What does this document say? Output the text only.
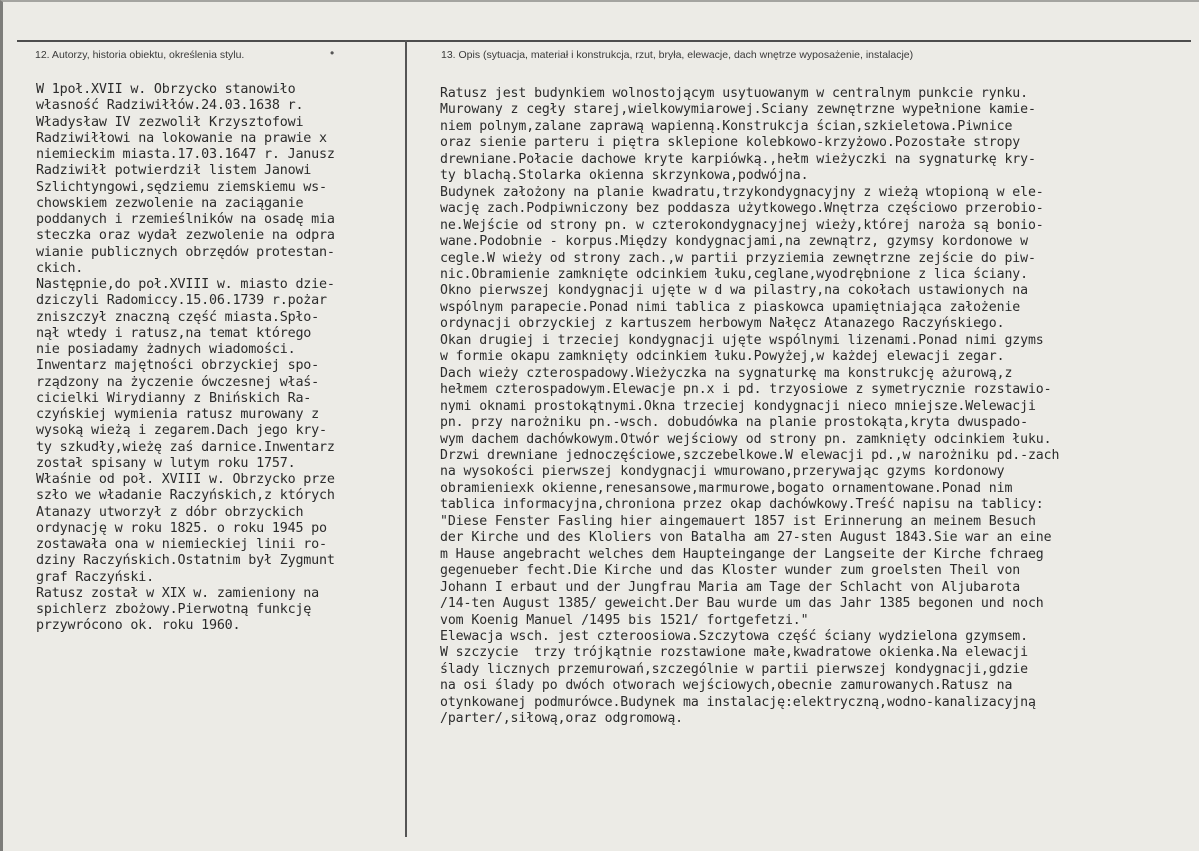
12. Autorzy, historia obiektu, określenia stylu.	•	13. Opis (sytuacja, materiał i konstrukcja, rzut, bryła, elewacje, dach wnętrze wyposażenie, instalacje)
W 1poł.XVII w. Obrzycko stanowiło
własność Radziwiłłów.24.03.1638 r.
Władysław IV zezwolił Krzysztofowi
Radziwiłłowi na lokowanie na prawie x
niemieckim miasta.17.03.1647 r. Janusz
Radziwiłł potwierdził listem Janowi
Szlichtyngowi,sędziemu ziemskiemu ws-
chowskiem zezwolenie na zaciąganie
poddanych i rzemieślników na osadę mia
steczka oraz wydał zezwolenie na odpra
wianie publicznych obrzędów protestan-
ckich.
Następnie,do poł.XVIII w. miasto dzie-
dziczyli Radomiccy.15.06.1739 r.pożar
zniszczył znaczną część miasta.Spło-
nął wtedy i ratusz,na temat którego
nie posiadamy żadnych wiadomości.
Inwentarz majętności obrzyckiej spo-
rządzony na życzenie ówczesnej właś-
cicielki Wirydianny z Bnińskich Ra-
czyńskiej wymienia ratusz murowany z
wysoką wieżą i zegarem.Dach jego kry-
ty szkudły,wieżę zaś darnice.Inwentarz
został spisany w lutym roku 1757.
Właśnie od poł. XVIII w. Obrzycko prze
szło we władanie Raczyńskich,z których
Atanazy utworzył z dóbr obrzyckich
ordynację w roku 1825. o roku 1945 po
zostawała ona w niemieckiej linii ro-
dziny Raczyńskich.Ostatnim był Zygmunt
graf Raczyński.
Ratusz został w XIX w. zamieniony na
spichlerz zbożowy.Pierwotną funkcję
przywrócono ok. roku 1960.
Ratusz jest budynkiem wolnostojącym usytuowanym w centralnym punkcie rynku.
Murowany z cegły starej,wielkowymiarowej.Ściany zewnętrzne wypełnione kamie-
niem polnym,zalane zaprawą wapienną.Konstrukcja ścian,szkieletowa.Piwnice
oraz sienie parteru i piętra sklepione kolebkowo-krzyżowo.Pozostałe stropy
drewniane.Połacie dachowe kryte karpiówką.,hełm wieżyczki na sygnaturkę kry-
ty blachą.Stolarka okienna skrzynkowa,podwójna.
Budynek założony na planie kwadratu,trzykondygnacyjny z wieżą wtopioną w ele-
wację zach.Podpiwniczony bez poddasza użytkowego.Wnętrza częściowo przerobio-
ne.Wejście od strony pn. w czterokondygnacyjnej wieży,której naroża są bonio-
wane.Podobnie - korpus.Między kondygnacjami,na zewnątrz, gzymsy kordonowe w
cegle.W wieży od strony zach.,w partii przyziemia zewnętrzne zejście do piw-
nic.Obramienie zamknięte odcinkiem łuku,ceglane,wyodrębnione z lica ściany.
Okno pierwszej kondygnacji ujęte w d wa pilastry,na cokołach ustawionych na
wspólnym parapecie.Ponad nimi tablica z piaskowca upamiętniająca założenie
ordynacji obrzyckiej z kartuszem herbowym Nałęcz Atanazego Raczyńskiego.
Okan drugiej i trzeciej kondygnacji ujęte wspólnymi lizenami.Ponad nimi gzyms
w formie okapu zamknięty odcinkiem łuku.Powyżej,w każdej elewacji zegar.
Dach wieży czterospadowy.Wieżyczka na sygnaturkę ma konstrukcję ażurową,z
hełmem czterospadowym.Elewacje pn.x i pd. trzyosiowe z symetrycznie rozstawio-
nymi oknami prostokątnymi.Okna trzeciej kondygnacji nieco mniejsze.Welewacji
pn. przy narożniku pn.-wsch. dobudówka na planie prostokąta,kryta dwuspado-
wym dachem dachówkowym.Otwór wejściowy od strony pn. zamknięty odcinkiem łuku.
Drzwi drewniane jednoczęściowe,szczebelkowe.W elewacji pd.,w narożniku pd.-zach
na wysokości pierwszej kondygnacji wmurowano,przerywając gzyms kordonowy
obramieniexk okienne,renesansowe,marmurowe,bogato ornamentowane.Ponad nim
tablica informacyjna,chroniona przez okap dachówkowy.Treść napisu na tablicy:
"Diese Fenster Fasling hier aingemauert 1857 ist Erinnerung an meinem Besuch
der Kirche und des Kloliers von Batalha am 27-sten August 1843.Sie war an eine
m Hause angebracht welches dem Haupteingange der Langseite der Kirche fchraeg
gegenueber fecht.Die Kirche und das Kloster wunder zum groelsten Theil von
Johann I erbaut und der Jungfrau Maria am Tage der Schlacht von Aljubarota
/14-ten August 1385/ geweicht.Der Bau wurde um das Jahr 1385 begonen und noch
vom Koenig Manuel /1495 bis 1521/ fortgefetzi."
Elewacja wsch. jest czteroosiowa.Szczytowa część ściany wydzielona gzymsem.
W szczycie  trzy trójkątnie rozstawione małe,kwadratowe okienka.Na elewacji
ślady licznych przemurowań,szczególnie w partii pierwszej kondygnacji,gdzie
na osi ślady po dwóch otworach wejściowych,obecnie zamurowanych.Ratusz na
otynkowanej podmurówce.Budynek ma instalację:elektryczną,wodno-kanalizacyjną
/parter/,siłową,oraz odgromową.
